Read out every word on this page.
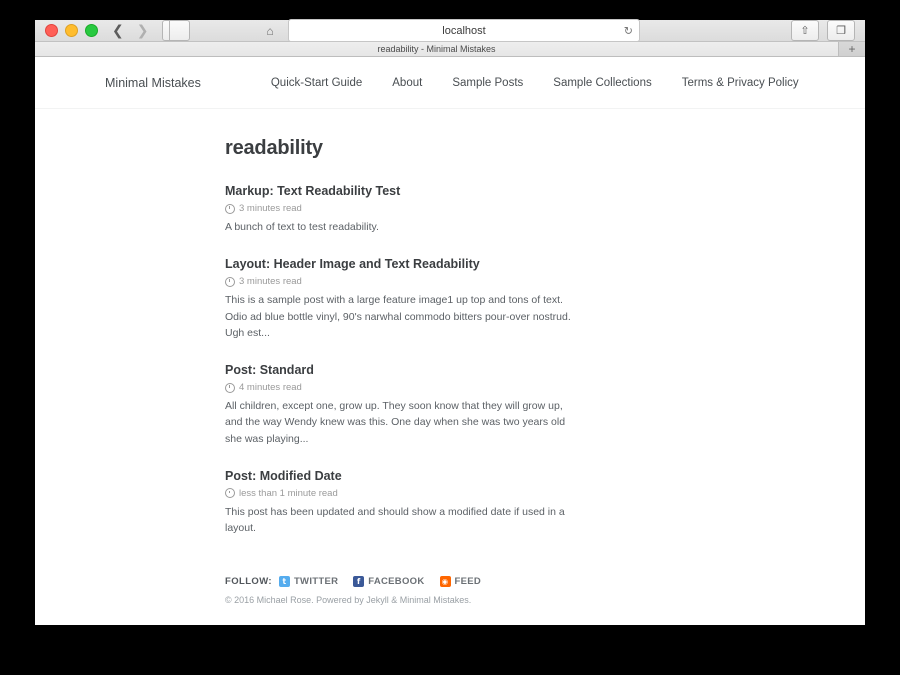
❮ ❯	⌂	localhost	↻	⇧	❐
readability - Minimal Mistakes	+
Minimal Mistakes	Quick-Start Guide	About	Sample Posts	Sample Collections	Terms & Privacy Policy
readability
Markup: Text Readability Test

3 minutes read

A bunch of text to test readability.

Layout: Header Image and Text Readability

3 minutes read

This is a sample post with a large feature image1 up top and tons of text. Odio ad blue bottle vinyl, 90's narwhal commodo bitters pour-over nostrud. Ugh est...

Post: Standard

4 minutes read

All children, except one, grow up. They soon know that they will grow up, and the way Wendy knew was this. One day when she was two years old she was playing...

Post: Modified Date

less than 1 minute read

This post has been updated and should show a modified date if used in a layout.

FOLLOW:	t TWITTER	f FACEBOOK ◉ FEED
© 2016 Michael Rose. Powered by Jekyll & Minimal Mistakes.
